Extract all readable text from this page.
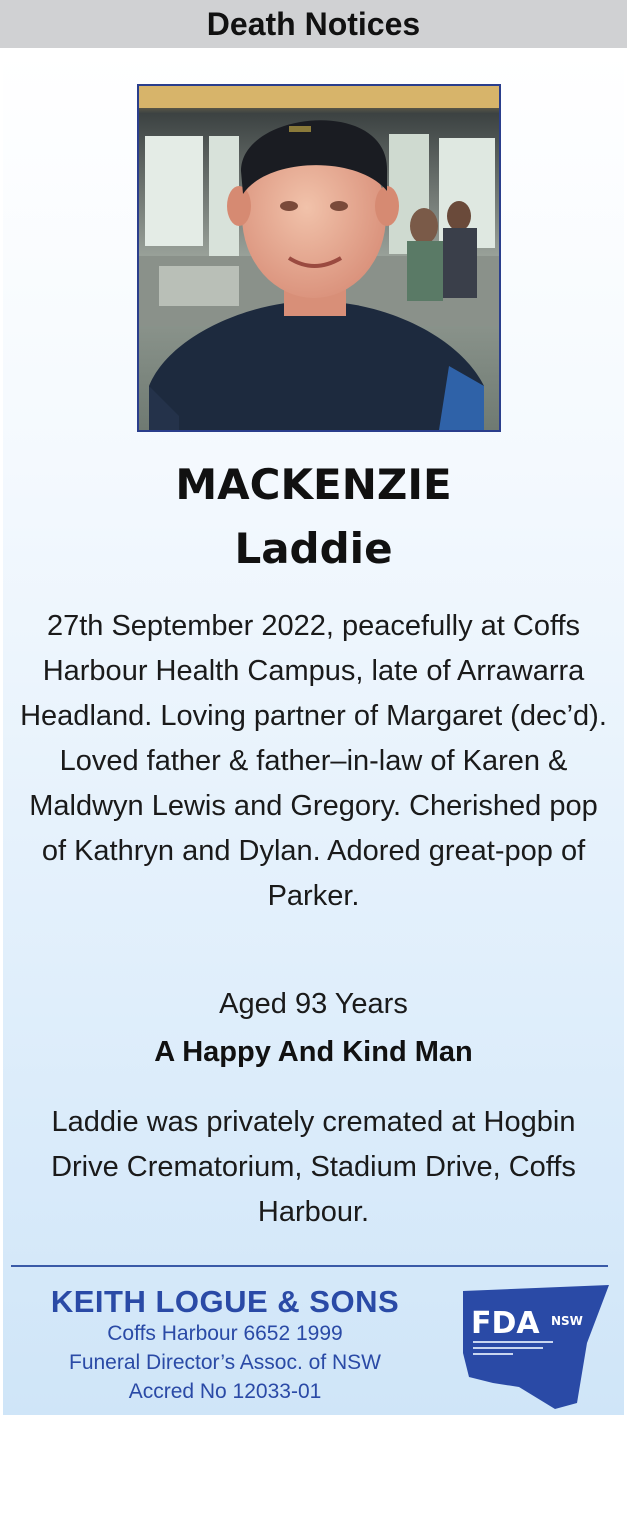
Death Notices
MACKENZIE
Laddie
27th September 2022, peacefully at Coffs Harbour Health Campus, late of Arrawarra Headland. Loving partner of Margaret (dec’d). Loved father & father–in-law of Karen & Maldwyn Lewis and Gregory. Cherished pop of Kathryn and Dylan. Adored great-pop of Parker.
Aged 93 Years
A Happy And Kind Man
Laddie was privately cremated at Hogbin Drive Crematorium, Stadium Drive, Coffs Harbour.
KEITH LOGUE & SONS
Coffs Harbour 6652 1999
Funeral Director’s Assoc. of NSW
Accred No 12033-01
FDA NSW
